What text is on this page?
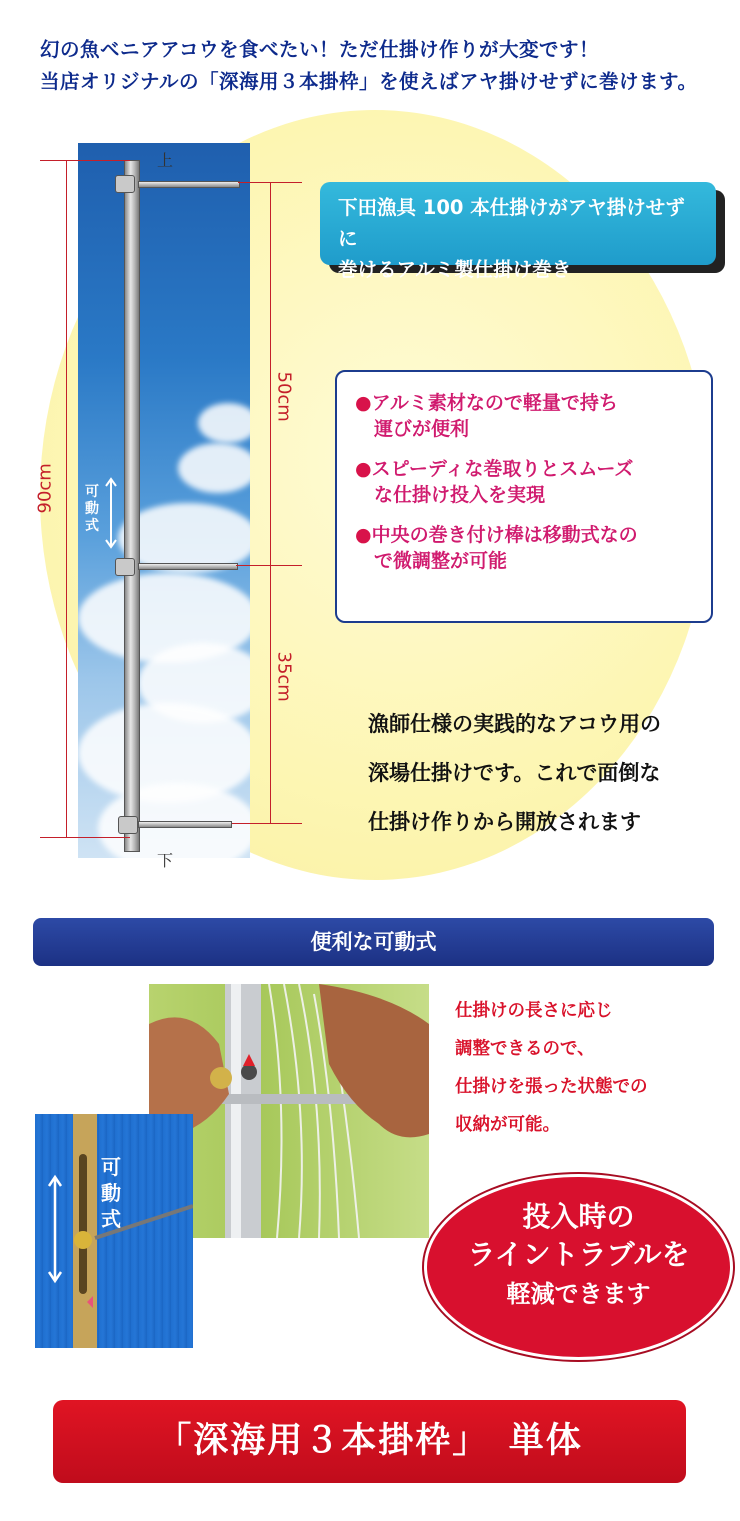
幻の魚ベニアアコウを食べたい！ただ仕掛け作りが大変です！
当店オリジナルの「深海用３本掛枠」を使えばアヤ掛けせずに巻けます。
上
下
90cm
50cm
35cm
可動式
下田漁具 100 本仕掛けがアヤ掛けせずに
巻けるアルミ製仕掛け巻き
●アルミ素材なので軽量で持ち
運びが便利
●スピーディな巻取りとスムーズ
な仕掛け投入を実現
●中央の巻き付け棒は移動式なの
で微調整が可能
漁師仕様の実践的なアコウ用の
深場仕掛けです。これで面倒な
仕掛け作りから開放されます
便利な可動式
可動式
仕掛けの長さに応じ
調整できるので、
仕掛けを張った状態での
収納が可能。
投入時の
ライントラブルを
軽減できます
「深海用３本掛枠」　単体
